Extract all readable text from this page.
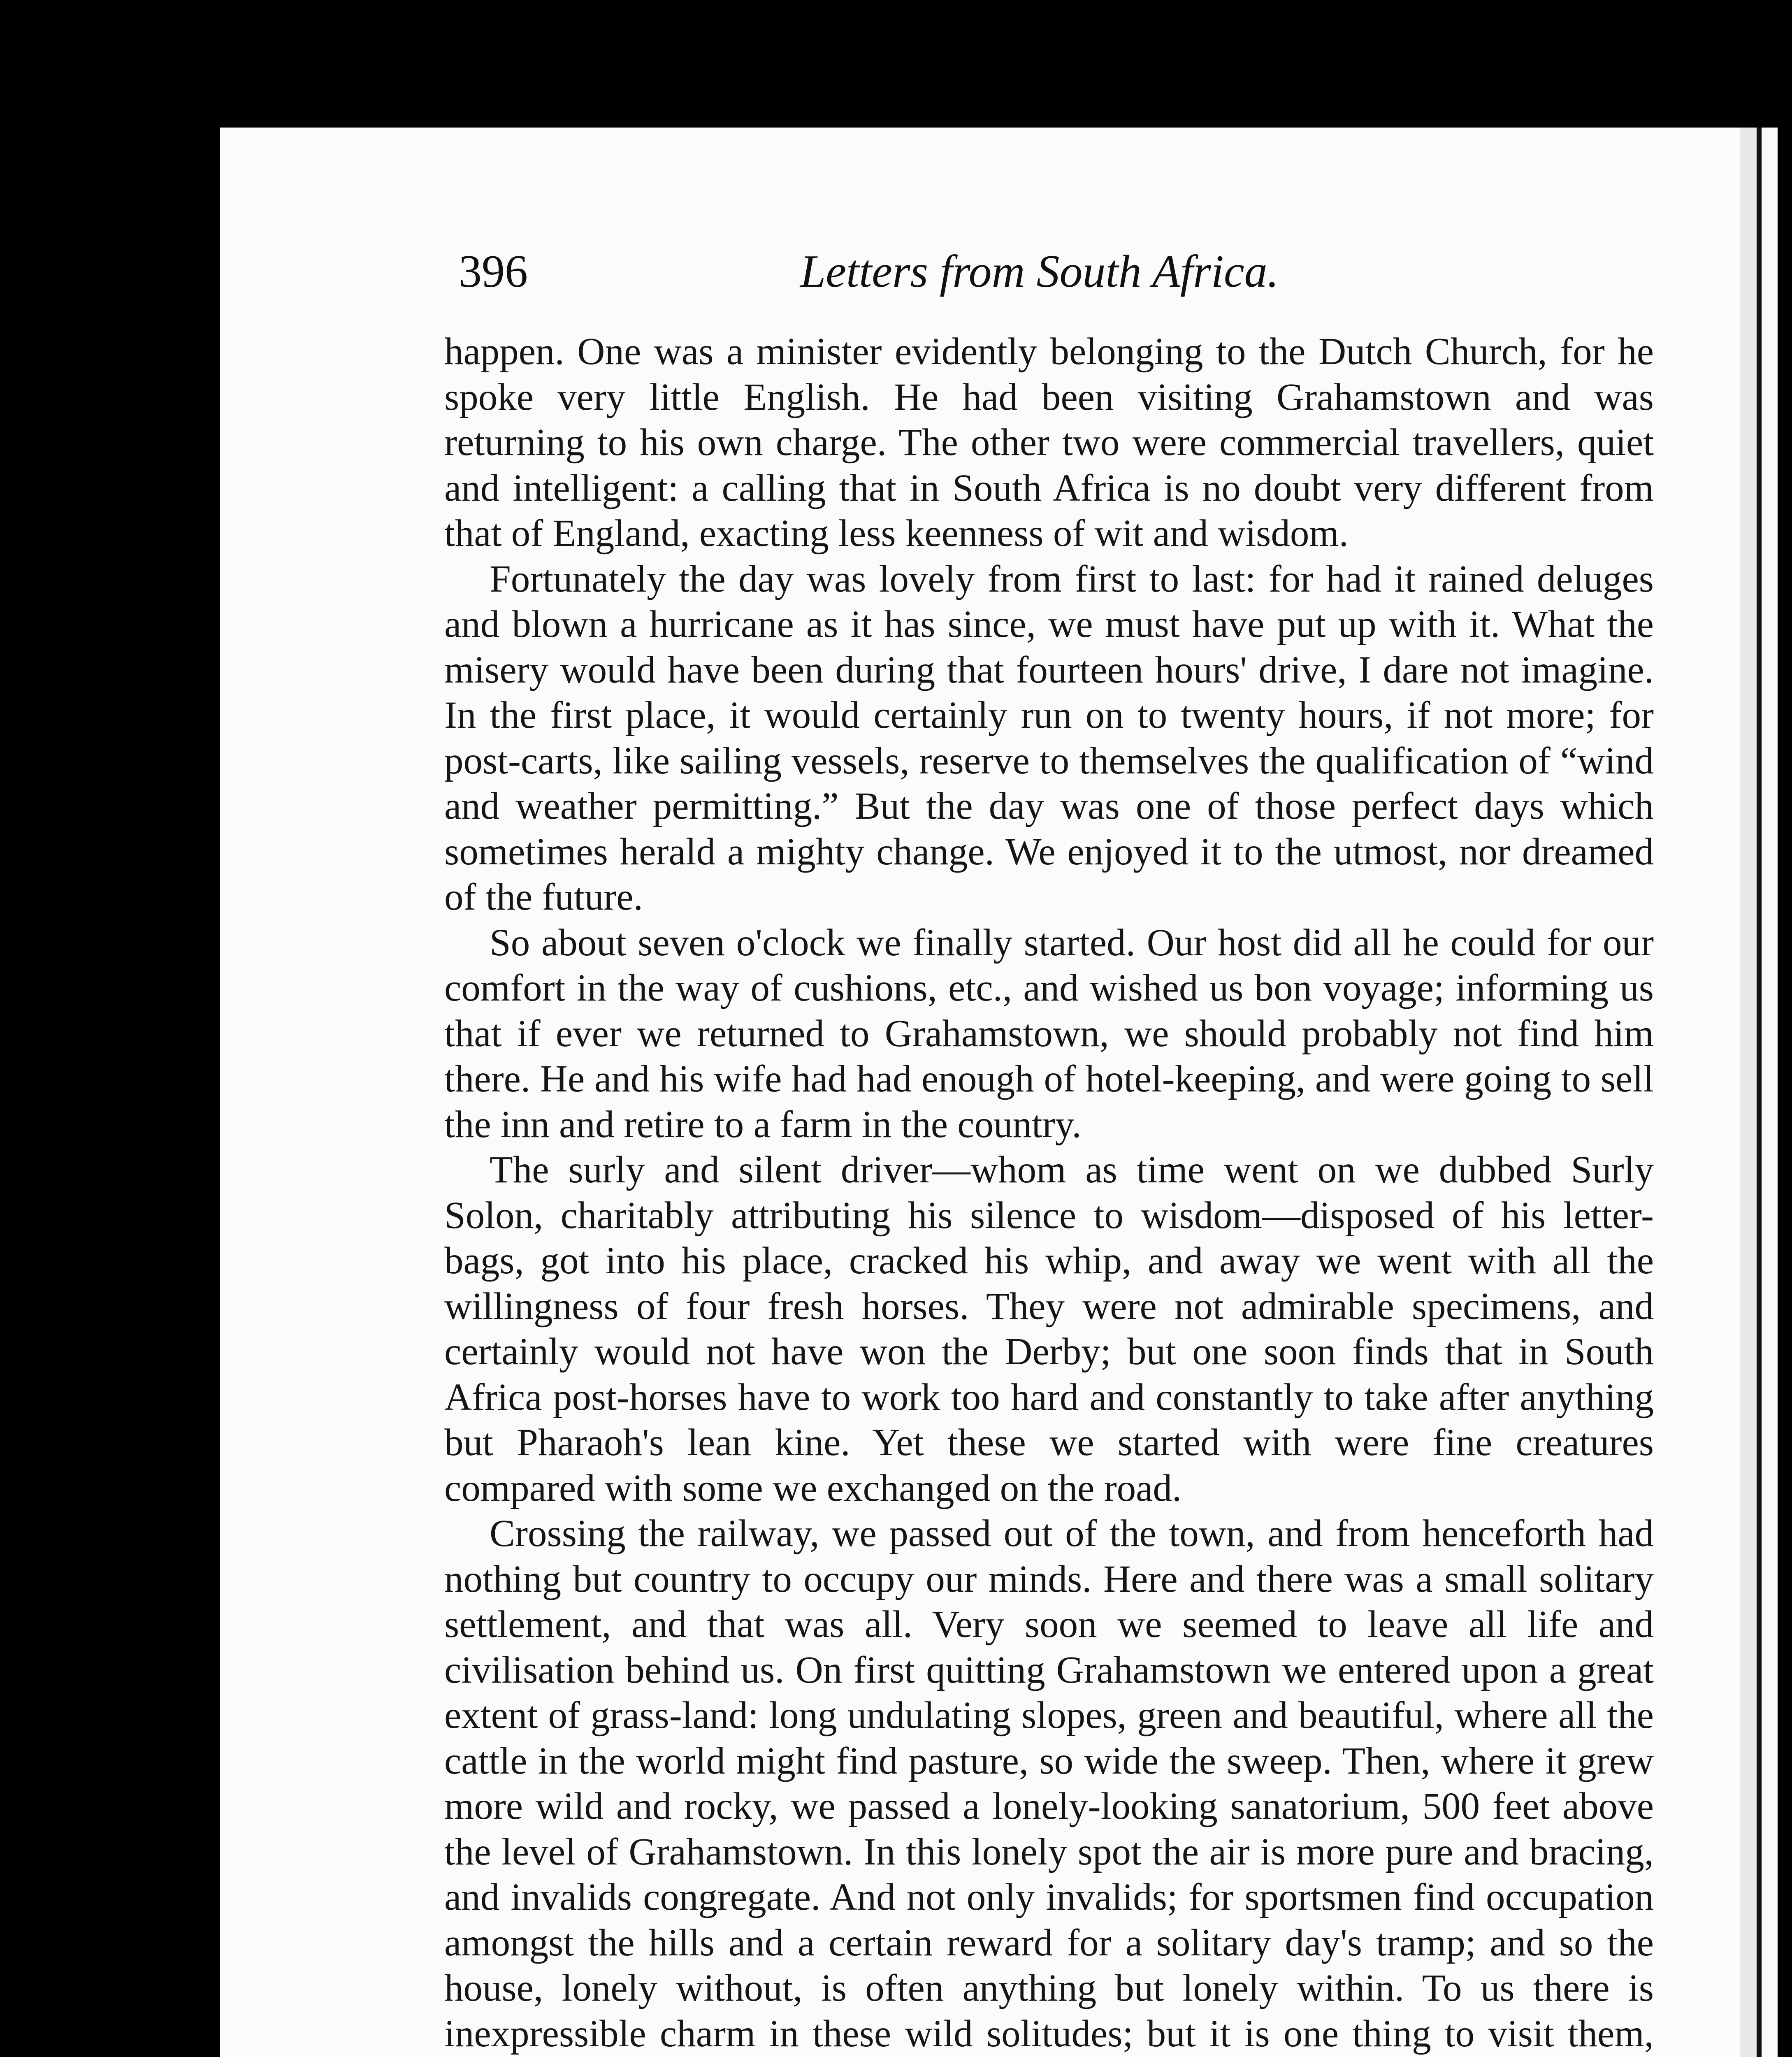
396	Letters from South Africa.

happen. One was a minister evidently belonging to the Dutch Church, for he spoke very little English. He had been visiting Grahamstown and was returning to his own charge. The other two were commercial travellers, quiet and intelligent: a calling that in South Africa is no doubt very different from that of England, exacting less keenness of wit and wisdom.

Fortunately the day was lovely from first to last: for had it rained deluges and blown a hurricane as it has since, we must have put up with it. What the misery would have been during that fourteen hours' drive, I dare not imagine. In the first place, it would certainly run on to twenty hours, if not more; for post-carts, like sailing vessels, reserve to themselves the qualification of “wind and weather permitting.” But the day was one of those perfect days which sometimes herald a mighty change. We enjoyed it to the utmost, nor dreamed of the future.

So about seven o'clock we finally started. Our host did all he could for our comfort in the way of cushions, etc., and wished us bon voyage; informing us that if ever we returned to Grahamstown, we should probably not find him there. He and his wife had had enough of hotel-keeping, and were going to sell the inn and retire to a farm in the country.

The surly and silent driver—whom as time went on we dubbed Surly Solon, charitably attributing his silence to wisdom—disposed of his letter-bags, got into his place, cracked his whip, and away we went with all the willingness of four fresh horses. They were not admirable specimens, and certainly would not have won the Derby; but one soon finds that in South Africa post-horses have to work too hard and constantly to take after anything but Pharaoh's lean kine. Yet these we started with were fine creatures compared with some we exchanged on the road.

Crossing the railway, we passed out of the town, and from henceforth had nothing but country to occupy our minds. Here and there was a small solitary settlement, and that was all. Very soon we seemed to leave all life and civilisation behind us. On first quitting Grahamstown we entered upon a great extent of grass-land: long undulating slopes, green and beautiful, where all the cattle in the world might find pasture, so wide the sweep. Then, where it grew more wild and rocky, we passed a lonely-looking sanatorium, 500 feet above the level of Grahamstown. In this lonely spot the air is more pure and bracing, and invalids congregate. And not only invalids; for sportsmen find occupation amongst the hills and a certain reward for a solitary day's tramp; and so the house, lonely without, is often anything but lonely within. To us there is inexpressible charm in these wild solitudes; but it is one thing to visit them,
